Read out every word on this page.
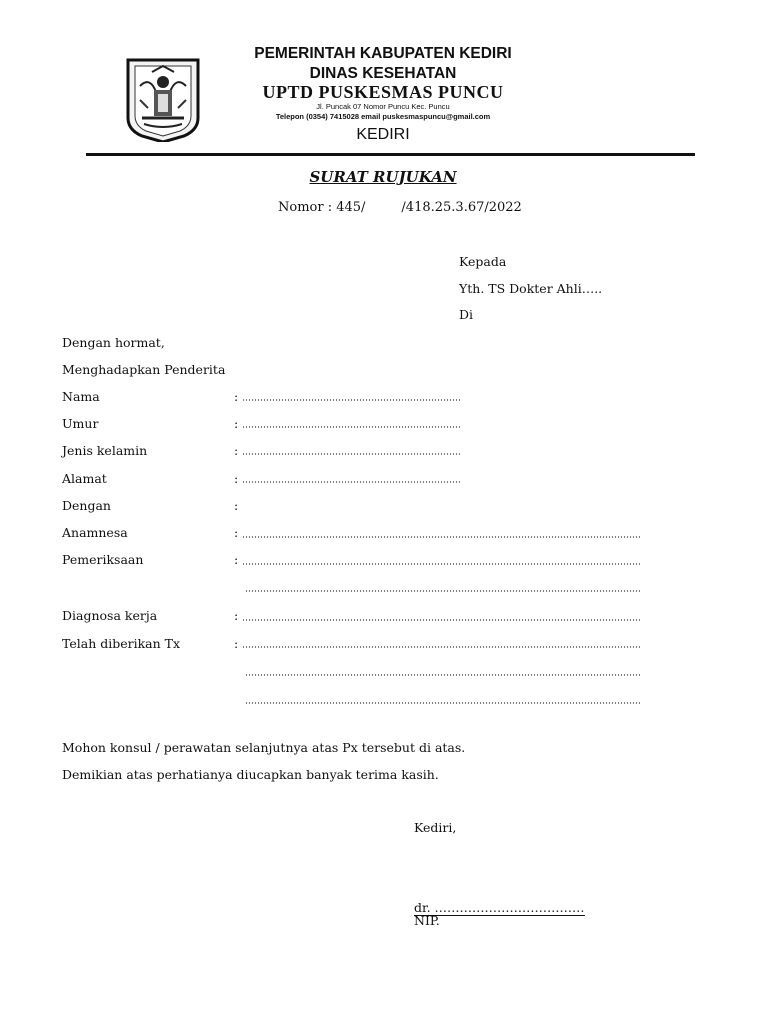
PEMERINTAH KABUPATEN KEDIRI
DINAS KESEHATAN
UPTD PUSKESMAS PUNCU
Jl. Puncak 07 Nomor Puncu Kec. Puncu
Telepon (0354) 7415028 email puskesmaspuncu@gmail.com
KEDIRI
SURAT RUJUKAN
Nomor : 445/	/418.25.3.67/2022
Kepada
Yth. TS Dokter Ahli…..
Di
Dengan hormat,
Menghadapkan Penderita
Nama	:
Umur	:
Jenis kelamin	:
Alamat	:
Dengan	:
Anamnesa	:
Pemeriksaan	:
Diagnosa kerja	:
Telah diberikan Tx	:
Mohon konsul / perawatan selanjutnya atas Px tersebut di atas.
Demikian atas perhatianya diucapkan banyak terima kasih.
Kediri,
dr. ………………………………
NIP.
